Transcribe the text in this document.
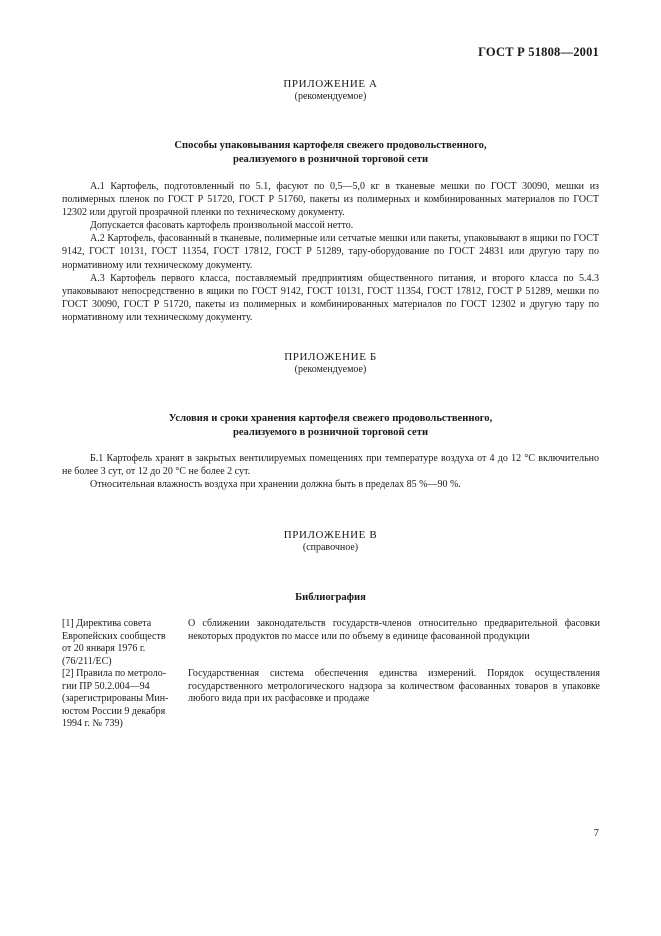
ГОСТ Р 51808—2001
ПРИЛОЖЕНИЕ А
(рекомендуемое)
Способы упаковывания картофеля свежего продовольственного,
реализуемого в розничной торговой сети

А.1 Картофель, подготовленный по 5.1, фасуют по 0,5—5,0 кг в тканевые мешки по ГОСТ 30090, мешки из полимерных пленок по ГОСТ Р 51720, ГОСТ Р 51760, пакеты из полимерных и комбинированных материалов по ГОСТ 12302 или другой прозрачной пленки по техническому документу.

Допускается фасовать картофель произвольной массой нетто.

А.2 Картофель, фасованный в тканевые, полимерные или сетчатые мешки или пакеты, упаковывают в ящики по ГОСТ 9142, ГОСТ 10131, ГОСТ 11354, ГОСТ 17812, ГОСТ Р 51289, тару-оборудование по ГОСТ 24831 или другую тару по нормативному или техническому документу.

А.3 Картофель первого класса, поставляемый предприятиям общественного питания, и второго класса по 5.4.3 упаковывают непосредственно в ящики по ГОСТ 9142, ГОСТ 10131, ГОСТ 11354, ГОСТ 17812, ГОСТ Р 51289, мешки по ГОСТ 30090, ГОСТ Р 51720, пакеты из полимерных и комбинированных материалов по ГОСТ 12302 и другую тару по нормативному или техническому документу.

ПРИЛОЖЕНИЕ Б
(рекомендуемое)
Условия и сроки хранения картофеля свежего продовольственного,
реализуемого в розничной торговой сети

Б.1 Картофель хранят в закрытых вентилируемых помещениях при температуре воздуха от 4 до 12 °С включительно не более 3 сут, от 12 до 20 °С не более 2 сут.

Относительная влажность воздуха при хранении должна быть в пределах 85 %—90 %.

ПРИЛОЖЕНИЕ В
(справочное)
Библиография
[1] Директива совета
Европейских сообществ
от 20 января 1976 г.
(76/211/ЕС)
О сближении законодательств государств-членов относительно предварительной фасовки некоторых продуктов по массе или по объему в единице фасованной продукции
[2] Правила по метроло-
гии ПР 50.2.004—94
(зарегистрированы Мин-
юстом России 9 декабря
1994 г. № 739)
Государственная система обеспечения единства измерений. Порядок осуществления государственного метрологического надзора за количеством фасованных товаров в упаковке любого вида при их расфасовке и продаже
7
